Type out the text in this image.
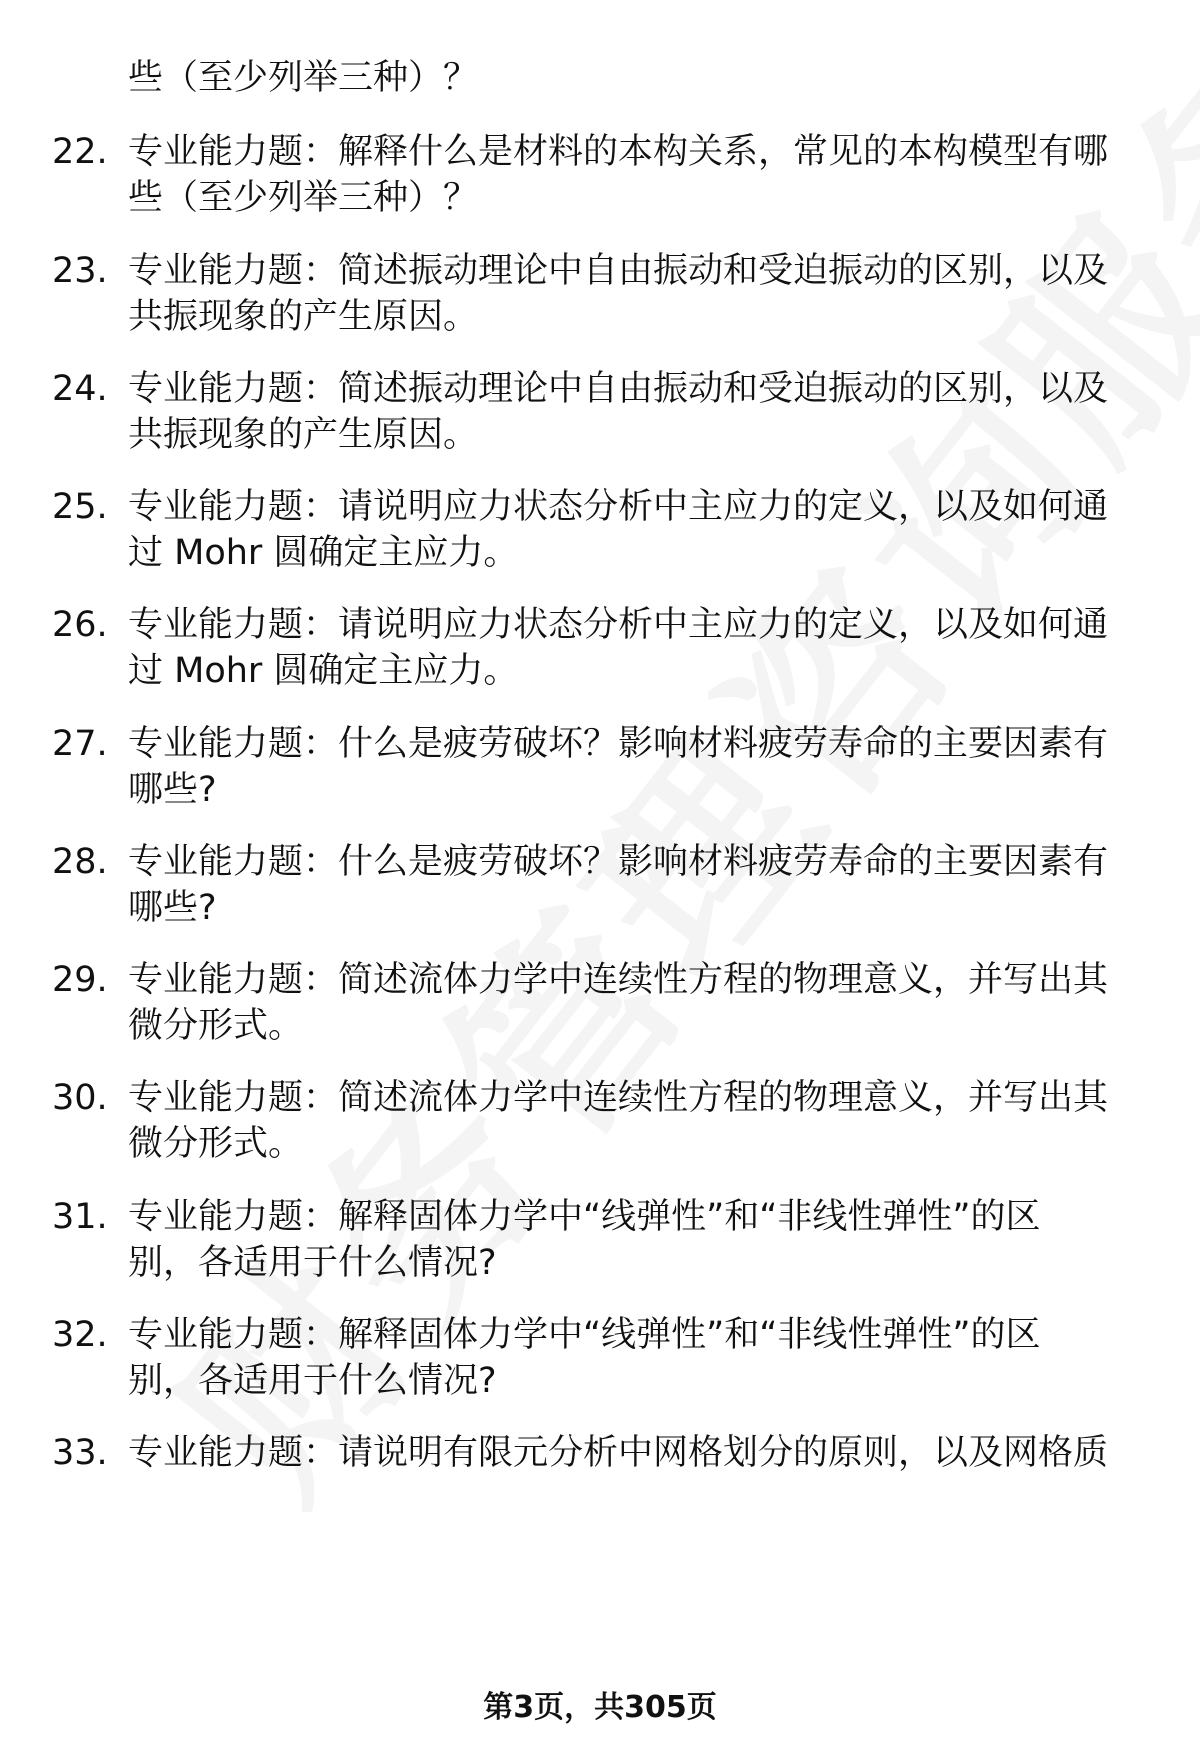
些（至少列举三种）？
22. 专业能力题：解释什么是材料的本构关系，常见的本构模型有哪
些（至少列举三种）？
23. 专业能力题：简述振动理论中自由振动和受迫振动的区别，以及
共振现象的产生原因。
24. 专业能力题：简述振动理论中自由振动和受迫振动的区别，以及
共振现象的产生原因。
25. 专业能力题：请说明应力状态分析中主应力的定义，以及如何通
过 Mohr 圆确定主应力。
26. 专业能力题：请说明应力状态分析中主应力的定义，以及如何通
过 Mohr 圆确定主应力。
27. 专业能力题：什么是疲劳破坏？影响材料疲劳寿命的主要因素有
哪些?
28. 专业能力题：什么是疲劳破坏？影响材料疲劳寿命的主要因素有
哪些?
29. 专业能力题：简述流体力学中连续性方程的物理意义，并写出其
微分形式。
30. 专业能力题：简述流体力学中连续性方程的物理意义，并写出其
微分形式。
31. 专业能力题：解释固体力学中“线弹性”和“非线性弹性”的区
别，各适用于什么情况?
32. 专业能力题：解释固体力学中“线弹性”和“非线性弹性”的区
别，各适用于什么情况?
33. 专业能力题：请说明有限元分析中网格划分的原则，以及网格质
第3页，共305页
